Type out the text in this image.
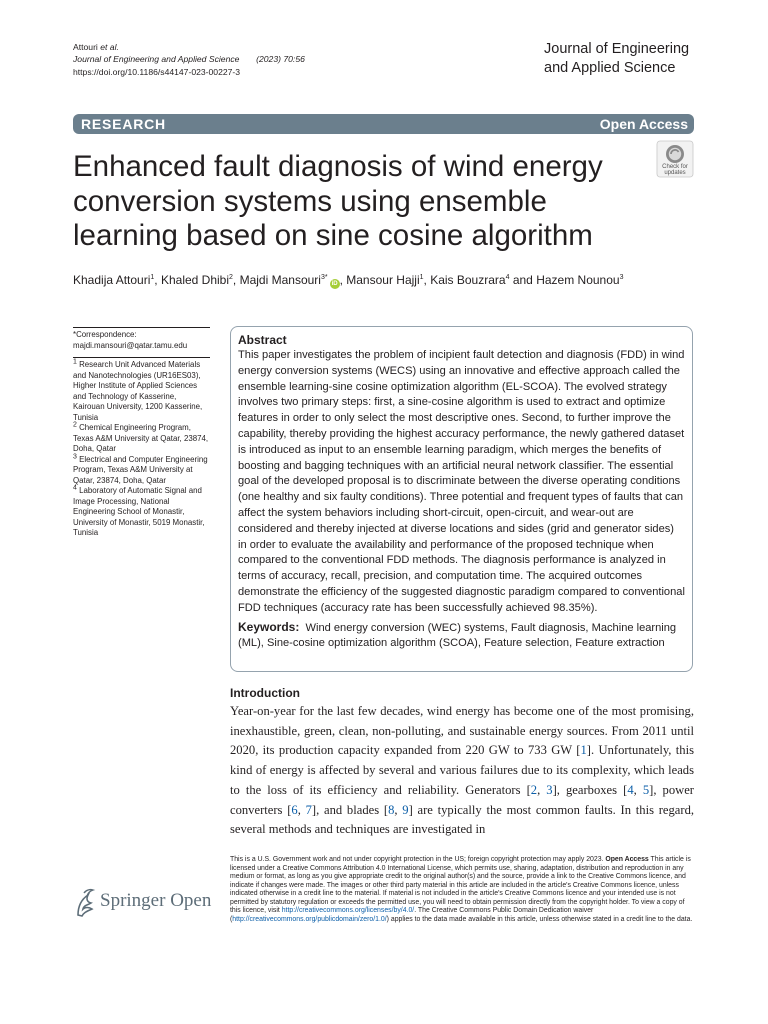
Attouri et al.
Journal of Engineering and Applied Science (2023) 70:56
https://doi.org/10.1186/s44147-023-00227-3
Journal of Engineering
and Applied Science
RESEARCH	Open Access
Enhanced fault diagnosis of wind energy conversion systems using ensemble learning based on sine cosine algorithm
Check for
updates
Khadija Attouri$^1$, Khaled Dhibi$^2$, Majdi Mansouri$^{3*}$iD , Mansour Hajji$^1$, Kais Bouzrara$^4$ and Hazem Nounou$^3$
*Correspondence:
majdi.mansouri@qatar.tamu.edu
$^1$ Research Unit Advanced Materials and Nanotechnologies (UR16ES03), Higher Institute of Applied Sciences and Technology of Kasserine, Kairouan University, 1200 Kasserine, Tunisia
$^2$ Chemical Engineering Program, Texas A&M University at Qatar, 23874, Doha, Qatar
$^3$ Electrical and Computer Engineering Program, Texas A&M University at Qatar, 23874, Doha, Qatar
$^4$ Laboratory of Automatic Signal and Image Processing, National Engineering School of Monastir, University of Monastir, 5019 Monastir, Tunisia
Abstract
This paper investigates the problem of incipient fault detection and diagnosis (FDD) in wind energy conversion systems (WECS) using an innovative and effective approach called the ensemble learning-sine cosine optimization algorithm (EL-SCOA). The evolved strategy involves two primary steps: first, a sine-cosine algorithm is used to extract and optimize features in order to only select the most descriptive ones. Second, to further improve the capability, thereby providing the highest accuracy performance, the newly gathered dataset is introduced as input to an ensemble learning paradigm, which merges the benefits of boosting and bagging techniques with an artificial neural network classifier. The essential goal of the developed proposal is to discriminate between the diverse operating conditions (one healthy and six faulty conditions). Three potential and frequent types of faults that can affect the system behaviors including short-circuit, open-circuit, and wear-out are considered and thereby injected at diverse locations and sides (grid and generator sides) in order to evaluate the availability and performance of the proposed technique when compared to the conventional FDD methods. The diagnosis performance is analyzed in terms of accuracy, recall, precision, and computation time. The acquired outcomes demonstrate the efficiency of the suggested diagnostic paradigm compared to conventional FDD techniques (accuracy rate has been successfully achieved 98.35%).
Keywords: Wind energy conversion (WEC) systems, Fault diagnosis, Machine learning (ML), Sine-cosine optimization algorithm (SCOA), Feature selection, Feature extraction
Introduction
Year-on-year for the last few decades, wind energy has become one of the most promising, inexhaustible, green, clean, non-polluting, and sustainable energy sources. From 2011 until 2020, its production capacity expanded from 220 GW to 733 GW [1]. Unfortunately, this kind of energy is affected by several and various failures due to its complexity, which leads to the loss of its efficiency and reliability. Generators [2, 3], gearboxes [4, 5], power converters [6, 7], and blades [8, 9] are typically the most common faults. In this regard, several methods and techniques are investigated in
Springer Open
This is a U.S. Government work and not under copyright protection in the US; foreign copyright protection may apply 2023. Open Access This article is licensed under a Creative Commons Attribution 4.0 International License, which permits use, sharing, adaptation, distribution and reproduction in any medium or format, as long as you give appropriate credit to the original author(s) and the source, provide a link to the Creative Commons licence, and indicate if changes were made. The images or other third party material in this article are included in the article's Creative Commons licence, unless indicated otherwise in a credit line to the material. If material is not included in the article's Creative Commons licence and your intended use is not permitted by statutory regulation or exceeds the permitted use, you will need to obtain permission directly from the copyright holder. To view a copy of this licence, visit http://creativecommons.org/licenses/by/4.0/. The Creative Commons Public Domain Dedication waiver (http://creativecommons.org/publicdomain/zero/1.0/) applies to the data made available in this article, unless otherwise stated in a credit line to the data.
